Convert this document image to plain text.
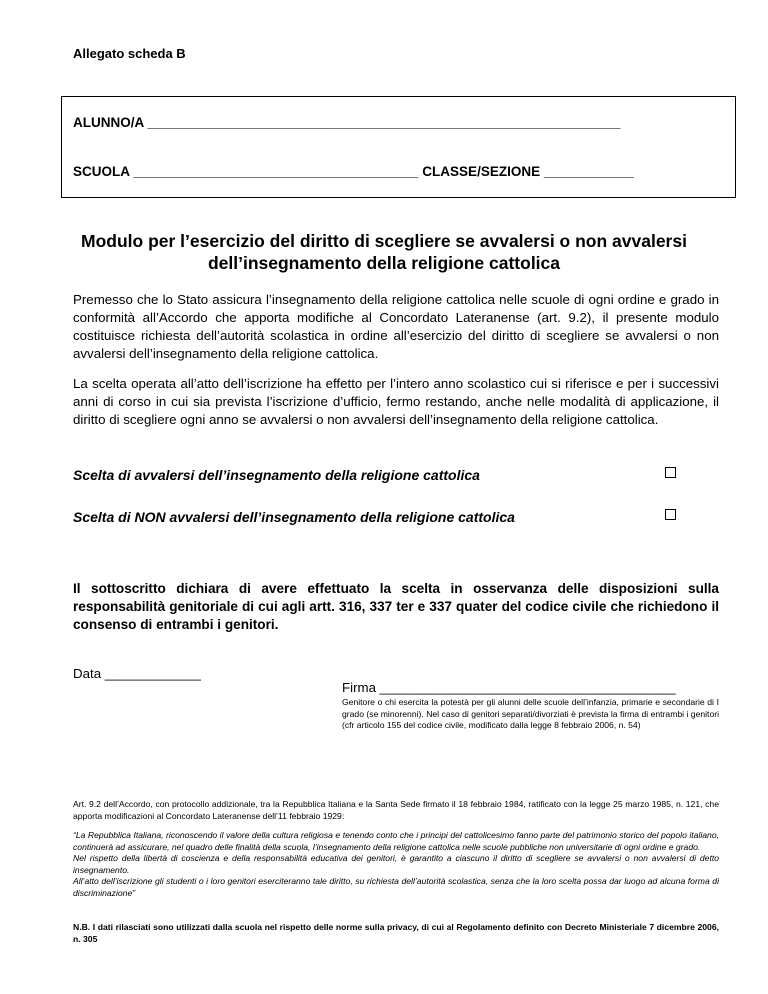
Allegato scheda B
ALUNNO/A _______________________________________________________________
SCUOLA ______________________________________ CLASSE/SEZIONE ____________
Modulo per l’esercizio del diritto di scegliere se avvalersi o non avvalersi dell’insegnamento della religione cattolica
Premesso che lo Stato assicura l’insegnamento della religione cattolica nelle scuole di ogni ordine e grado in conformità all’Accordo che apporta modifiche al Concordato Lateranense (art. 9.2), il presente modulo costituisce richiesta dell’autorità scolastica in ordine all’esercizio del diritto di scegliere se avvalersi o non avvalersi dell’insegnamento della religione cattolica.
La scelta operata all’atto dell’iscrizione ha effetto per l’intero anno scolastico cui si riferisce e per i successivi anni di corso in cui sia prevista l’iscrizione d’ufficio, fermo restando, anche nelle modalità di applicazione, il diritto di scegliere ogni anno se avvalersi o non avvalersi dell’insegnamento della religione cattolica.
Scelta di avvalersi dell’insegnamento della religione cattolica
Scelta di NON avvalersi dell’insegnamento della religione cattolica
Il sottoscritto dichiara di avere effettuato la scelta in osservanza delle disposizioni sulla responsabilità genitoriale di cui agli artt. 316, 337 ter e 337 quater del codice civile che richiedono il consenso di entrambi i genitori.
Data _____________
Firma ________________________________________
Genitore o chi esercita la potestà per gli alunni delle scuole dell’infanzia, primarie e secondarie di I grado (se minorenni). Nel caso di genitori separati/divorziati è prevista la firma di entrambi i genitori (cfr articolo 155 del codice civile, modificato dalla legge 8 febbraio 2006, n. 54)
Art. 9.2 dell’Accordo, con protocollo addizionale, tra la Repubblica Italiana e la Santa Sede firmato il 18 febbraio 1984, ratificato con la legge 25 marzo 1985, n. 121, che apporta modificazioni al Concordato Lateranense dell’11 febbraio 1929:
“La Repubblica Italiana, riconoscendo il valore della cultura religiosa e tenendo conto che i principi del cattolicesimo fanno parte del patrimonio storico del popolo italiano, continuerà ad assicurare, nel quadro delle finalità della scuola, l’insegnamento della religione cattolica nelle scuole pubbliche non universitarie di ogni ordine e grado.
Nel rispetto della libertà di coscienza e della responsabilità educativa dei genitori, è garantito a ciascuno il diritto di scegliere se avvalersi o non avvalersi di detto insegnamento.
All’atto dell’iscrizione gli studenti o i loro genitori eserciteranno tale diritto, su richiesta dell’autorità scolastica, senza che la loro scelta possa dar luogo ad alcuna forma di discriminazione”
N.B. I dati rilasciati sono utilizzati dalla scuola nel rispetto delle norme sulla privacy, di cui al Regolamento definito con Decreto Ministeriale 7 dicembre 2006, n. 305
